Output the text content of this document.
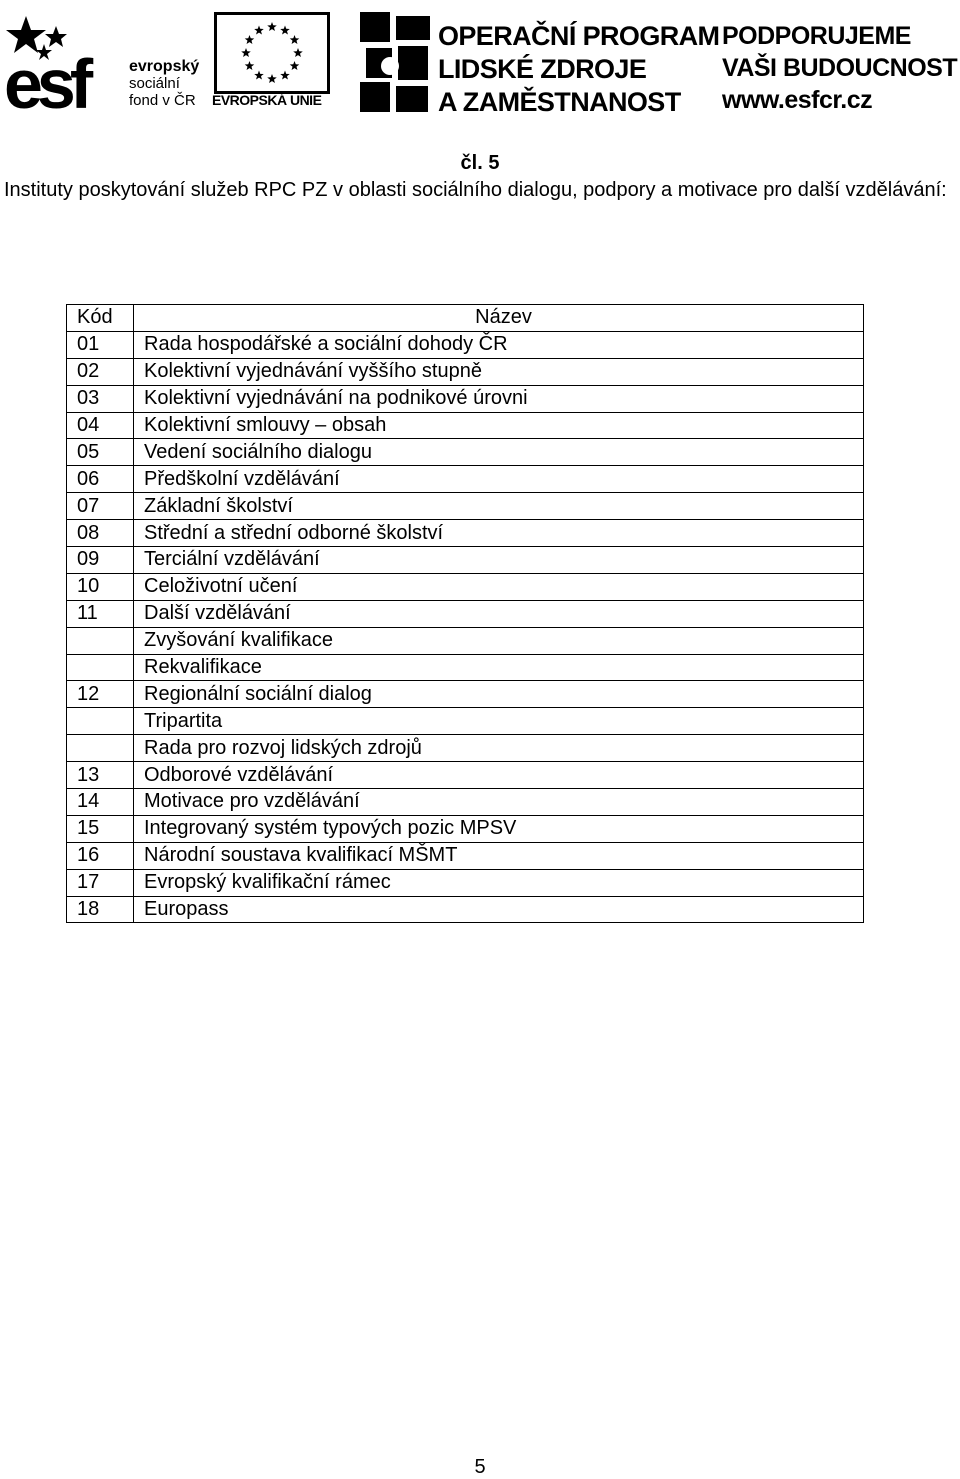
esf	evropský
sociální
fond v ČR EVROPSKÁ UNIE
OPERAČNÍ PROGRAM
LIDSKÉ ZDROJE
A ZAMĚSTNANOST
PODPORUJEME
VAŠI BUDOUCNOST
www.esfcr.cz
čl. 5
Instituty poskytování služeb RPC PZ v oblasti sociálního dialogu, podpory a motivace pro další vzdělávání:
Kód	Název
01	Rada hospodářské a sociální dohody ČR
02	Kolektivní vyjednávání vyššího stupně
03	Kolektivní vyjednávání na podnikové úrovni
04	Kolektivní smlouvy – obsah
05	Vedení sociálního dialogu
06	Předškolní vzdělávání
07	Základní školství
08	Střední a střední odborné školství
09	Terciální vzdělávání
10	Celoživotní učení
11	Další vzdělávání
	Zvyšování kvalifikace
	Rekvalifikace
12	Regionální sociální dialog
	Tripartita
	Rada pro rozvoj lidských zdrojů
13	Odborové vzdělávání
14	Motivace pro vzdělávání
15	Integrovaný systém typových pozic MPSV
16	Národní soustava kvalifikací MŠMT
17	Evropský kvalifikační rámec
18	Europass
5
